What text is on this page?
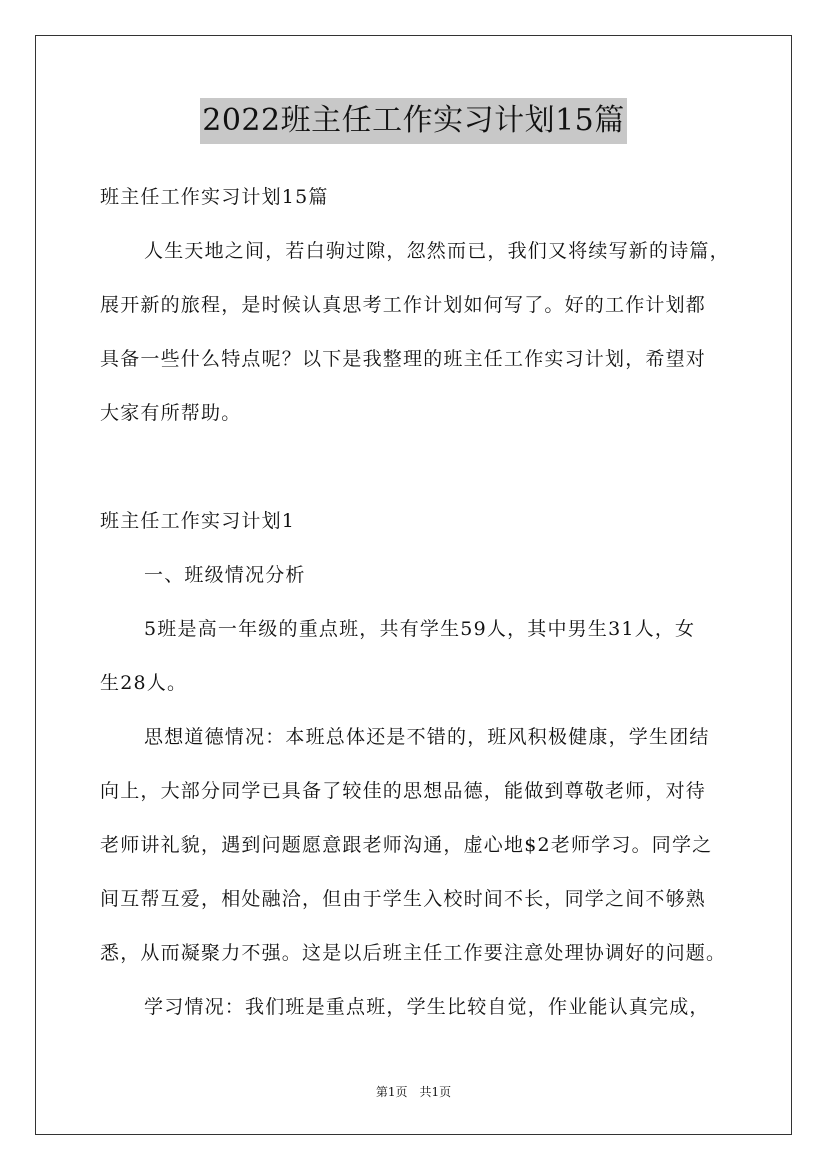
2022班主任工作实习计划15篇
班主任工作实习计划15篇
人生天地之间，若白驹过隙，忽然而已，我们又将续写新的诗篇，
展开新的旅程，是时候认真思考工作计划如何写了。好的工作计划都
具备一些什么特点呢？以下是我整理的班主任工作实习计划，希望对
大家有所帮助。
班主任工作实习计划1
一、班级情况分析
5班是高一年级的重点班，共有学生59人，其中男生31人，女
生28人。
思想道德情况：本班总体还是不错的，班风积极健康，学生团结
向上，大部分同学已具备了较佳的思想品德，能做到尊敬老师，对待
老师讲礼貌，遇到问题愿意跟老师沟通，虚心地$2老师学习。同学之
间互帮互爱，相处融洽，但由于学生入校时间不长，同学之间不够熟
悉，从而凝聚力不强。这是以后班主任工作要注意处理协调好的问题。
学习情况：我们班是重点班，学生比较自觉，作业能认真完成，
第1页　共1页
